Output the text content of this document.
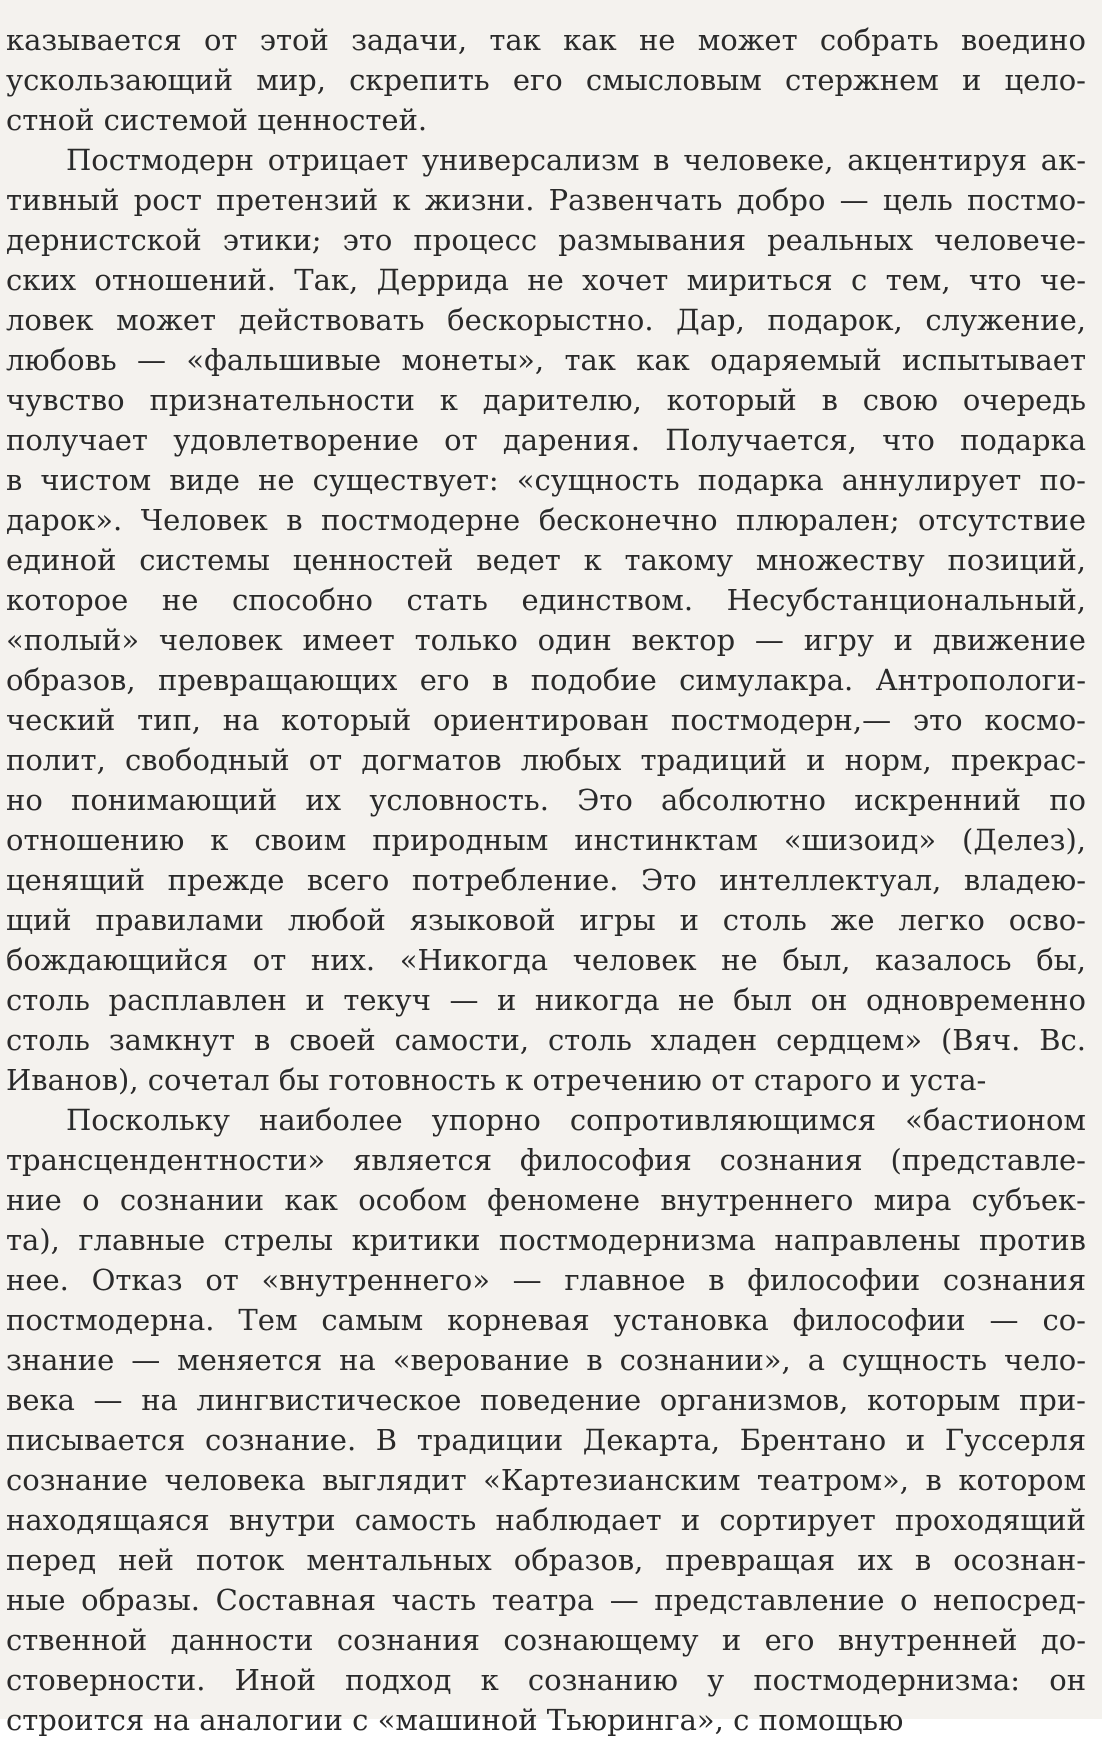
казывается от этой задачи, так как не может собрать воедино
ускользающий мир, скрепить его смысловым стержнем и цело-
стной системой ценностей.
Постмодерн отрицает универсализм в человеке, акцентируя ак-
тивный рост претензий к жизни. Развенчать добро — цель постмо-
дернистской этики; это процесс размывания реальных человече-
ских отношений. Так, Деррида не хочет мириться с тем, что че-
ловек может действовать бескорыстно. Дар, подарок, служение,
любовь — «фальшивые монеты», так как одаряемый испытывает
чувство признательности к дарителю, который в свою очередь
получает удовлетворение от дарения. Получается, что подарка
в чистом виде не существует: «сущность подарка аннулирует по-
дарок». Человек в постмодерне бесконечно плюрален; отсутствие
единой системы ценностей ведет к такому множеству позиций,
которое не способно стать единством. Несубстанциональный,
«полый» человек имеет только один вектор — игру и движение
образов, превращающих его в подобие симулакра. Антропологи-
ческий тип, на который ориентирован постмодерн,— это космо-
полит, свободный от догматов любых традиций и норм, прекрас-
но понимающий их условность. Это абсолютно искренний по
отношению к своим природным инстинктам «шизоид» (Делез),
ценящий прежде всего потребление. Это интеллектуал, владею-
щий правилами любой языковой игры и столь же легко осво-
бождающийся от них. «Никогда человек не был, казалось бы,
столь расплавлен и текуч — и никогда не был он одновременно
столь замкнут в своей самости, столь хладен сердцем» (Вяч. Вс.
Иванов), сочетал бы готовность к отречению от старого и уста-
Поскольку наиболее упорно сопротивляющимся «бастионом
трансцендентности» является философия сознания (представле-
ние о сознании как особом феномене внутреннего мира субъек-
та), главные стрелы критики постмодернизма направлены против
нее. Отказ от «внутреннего» — главное в философии сознания
постмодерна. Тем самым корневая установка философии — со-
знание — меняется на «верование в сознании», а сущность чело-
века — на лингвистическое поведение организмов, которым при-
писывается сознание. В традиции Декарта, Брентано и Гуссерля
сознание человека выглядит «Картезианским театром», в котором
находящаяся внутри самость наблюдает и сортирует проходящий
перед ней поток ментальных образов, превращая их в осознан-
ные образы. Составная часть театра — представление о непосред-
ственной данности сознания сознающему и его внутренней до-
стоверности. Иной подход к сознанию у постмодернизма: он
строится на аналогии с «машиной Тьюринга», с помощью
